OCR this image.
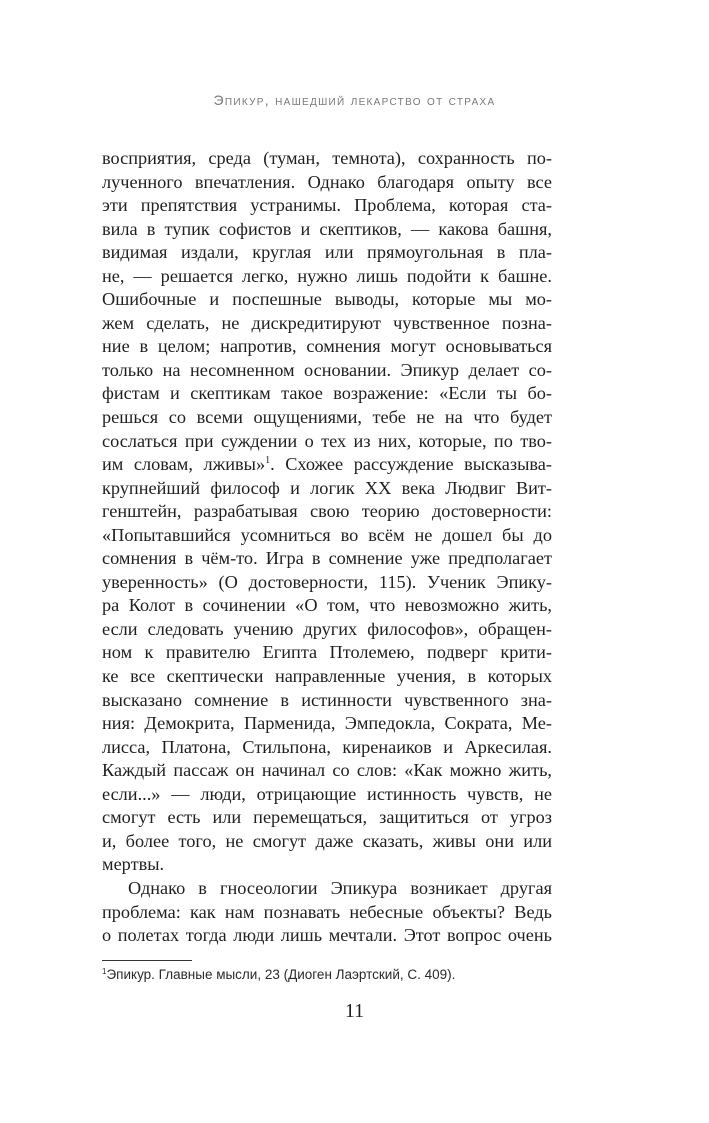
Эпикур, нашедший лекарство от страха
восприятия, среда (туман, темнота), сохранность по-
лученного впечатления. Однако благодаря опыту все
эти препятствия устранимы. Проблема, которая ста-
вила в тупик софистов и скептиков, — какова башня,
видимая издали, круглая или прямоугольная в пла-
не, — решается легко, нужно лишь подойти к башне.
Ошибочные и поспешные выводы, которые мы мо-
жем сделать, не дискредитируют чувственное позна-
ние в целом; напротив, сомнения могут основываться
только на несомненном основании. Эпикур делает со-
фистам и скептикам такое возражение: «Если ты бо-
решься со всеми ощущениями, тебе не на что будет
сослаться при суждении о тех из них, которые, по тво-
им словам, лживы»$^1$. Схожее рассуждение высказыва-
крупнейший философ и логик XX века Людвиг Вит-
генштейн, разрабатывая свою теорию достоверности:
«Попытавшийся усомниться во всём не дошел бы до
сомнения в чём-то. Игра в сомнение уже предполагает
уверенность» (О достоверности, 115). Ученик Эпику-
ра Колот в сочинении «О том, что невозможно жить,
если следовать учению других философов», обращен-
ном к правителю Египта Птолемею, подверг крити-
ке все скептически направленные учения, в которых
высказано сомнение в истинности чувственного зна-
ния: Демокрита, Парменида, Эмпедокла, Сократа, Ме-
лисса, Платона, Стильпона, киренаиков и Аркесилая.
Каждый пассаж он начинал со слов: «Как можно жить,
если...» — люди, отрицающие истинность чувств, не
смогут есть или перемещаться, защититься от угроз
и, более того, не смогут даже сказать, живы они или
мертвы.
Однако в гносеологии Эпикура возникает другая
проблема: как нам познавать небесные объекты? Ведь
о полетах тогда люди лишь мечтали. Этот вопрос очень
$^1$Эпикур. Главные мысли, 23 (Диоген Лаэртский, С. 409).
11
